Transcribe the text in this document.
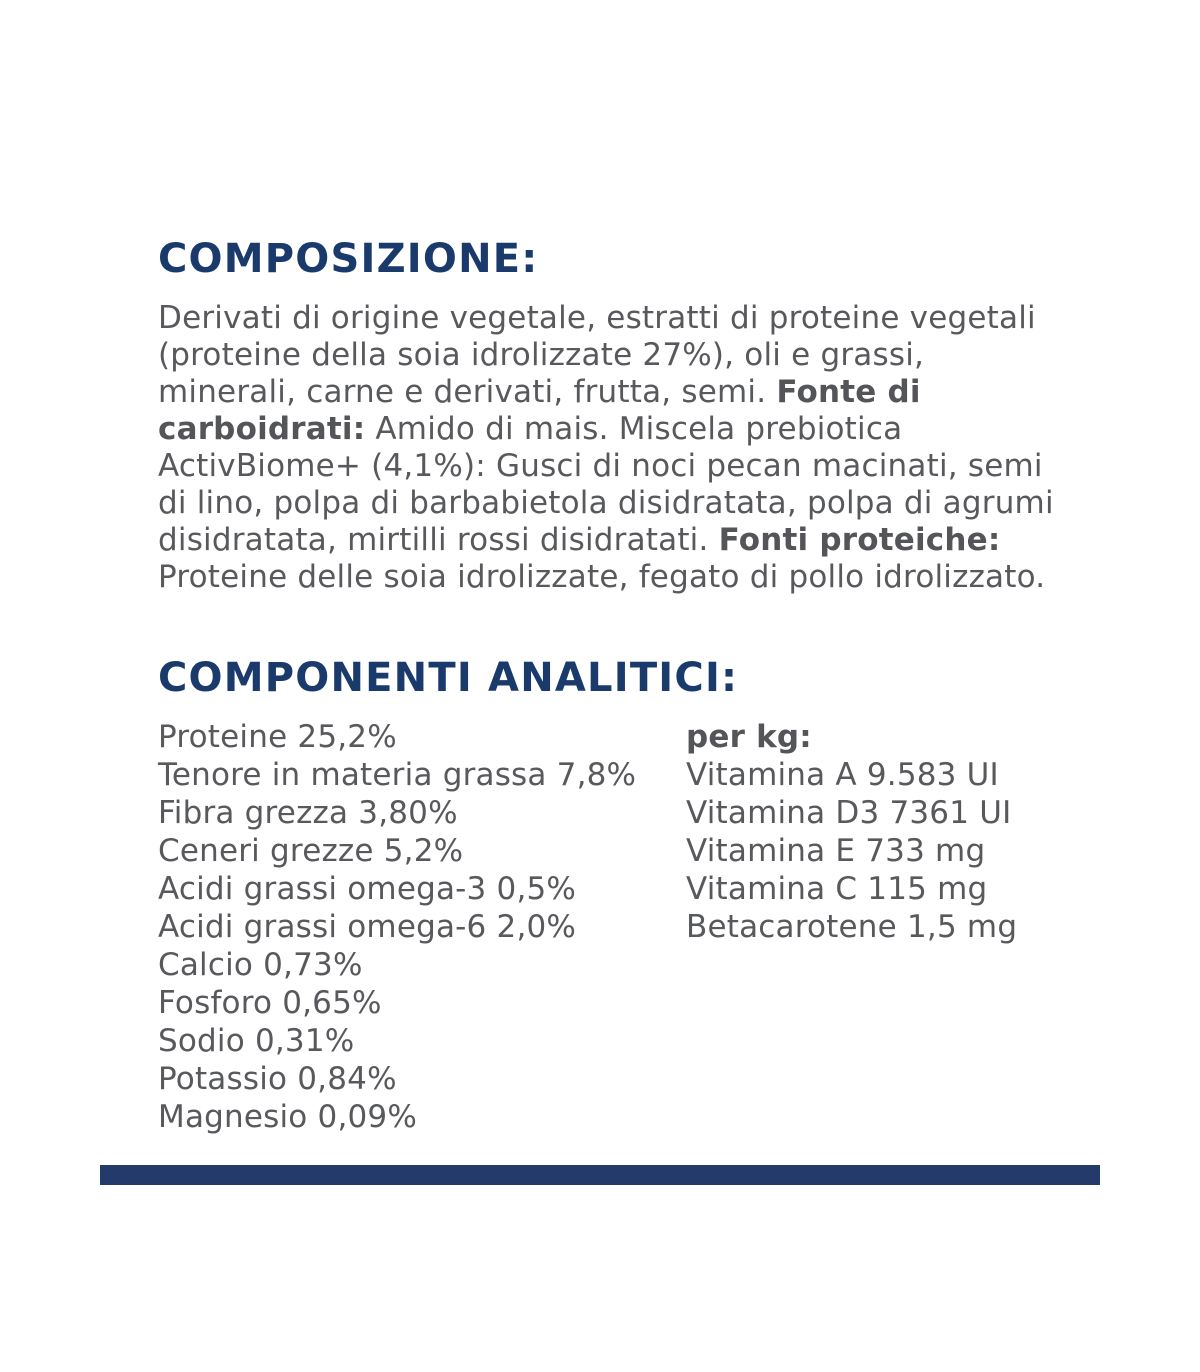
COMPOSIZIONE:

Derivati di origine vegetale, estratti di proteine vegetali (proteine della soia idrolizzate 27%), oli e grassi, minerali, carne e derivati, frutta, semi. Fonte di carboidrati: Amido di mais. Miscela prebiotica ActivBiome+ (4,1%): Gusci di noci pecan macinati, semi di lino, polpa di barbabietola disidratata, polpa di agrumi disidratata, mirtilli rossi disidratati. Fonti proteiche: Proteine delle soia idrolizzate, fegato di pollo idrolizzato.

COMPONENTI ANALITICI:
Proteine 25,2%
Tenore in materia grassa 7,8%
Fibra grezza 3,80%
Ceneri grezze 5,2%
Acidi grassi omega-3 0,5%
Acidi grassi omega-6 2,0%
Calcio 0,73%
Fosforo 0,65%
Sodio 0,31%
Potassio 0,84%
Magnesio 0,09%
per kg:
Vitamina A 9.583 UI
Vitamina D3 7361 UI
Vitamina E 733 mg
Vitamina C 115 mg
Betacarotene 1,5 mg
